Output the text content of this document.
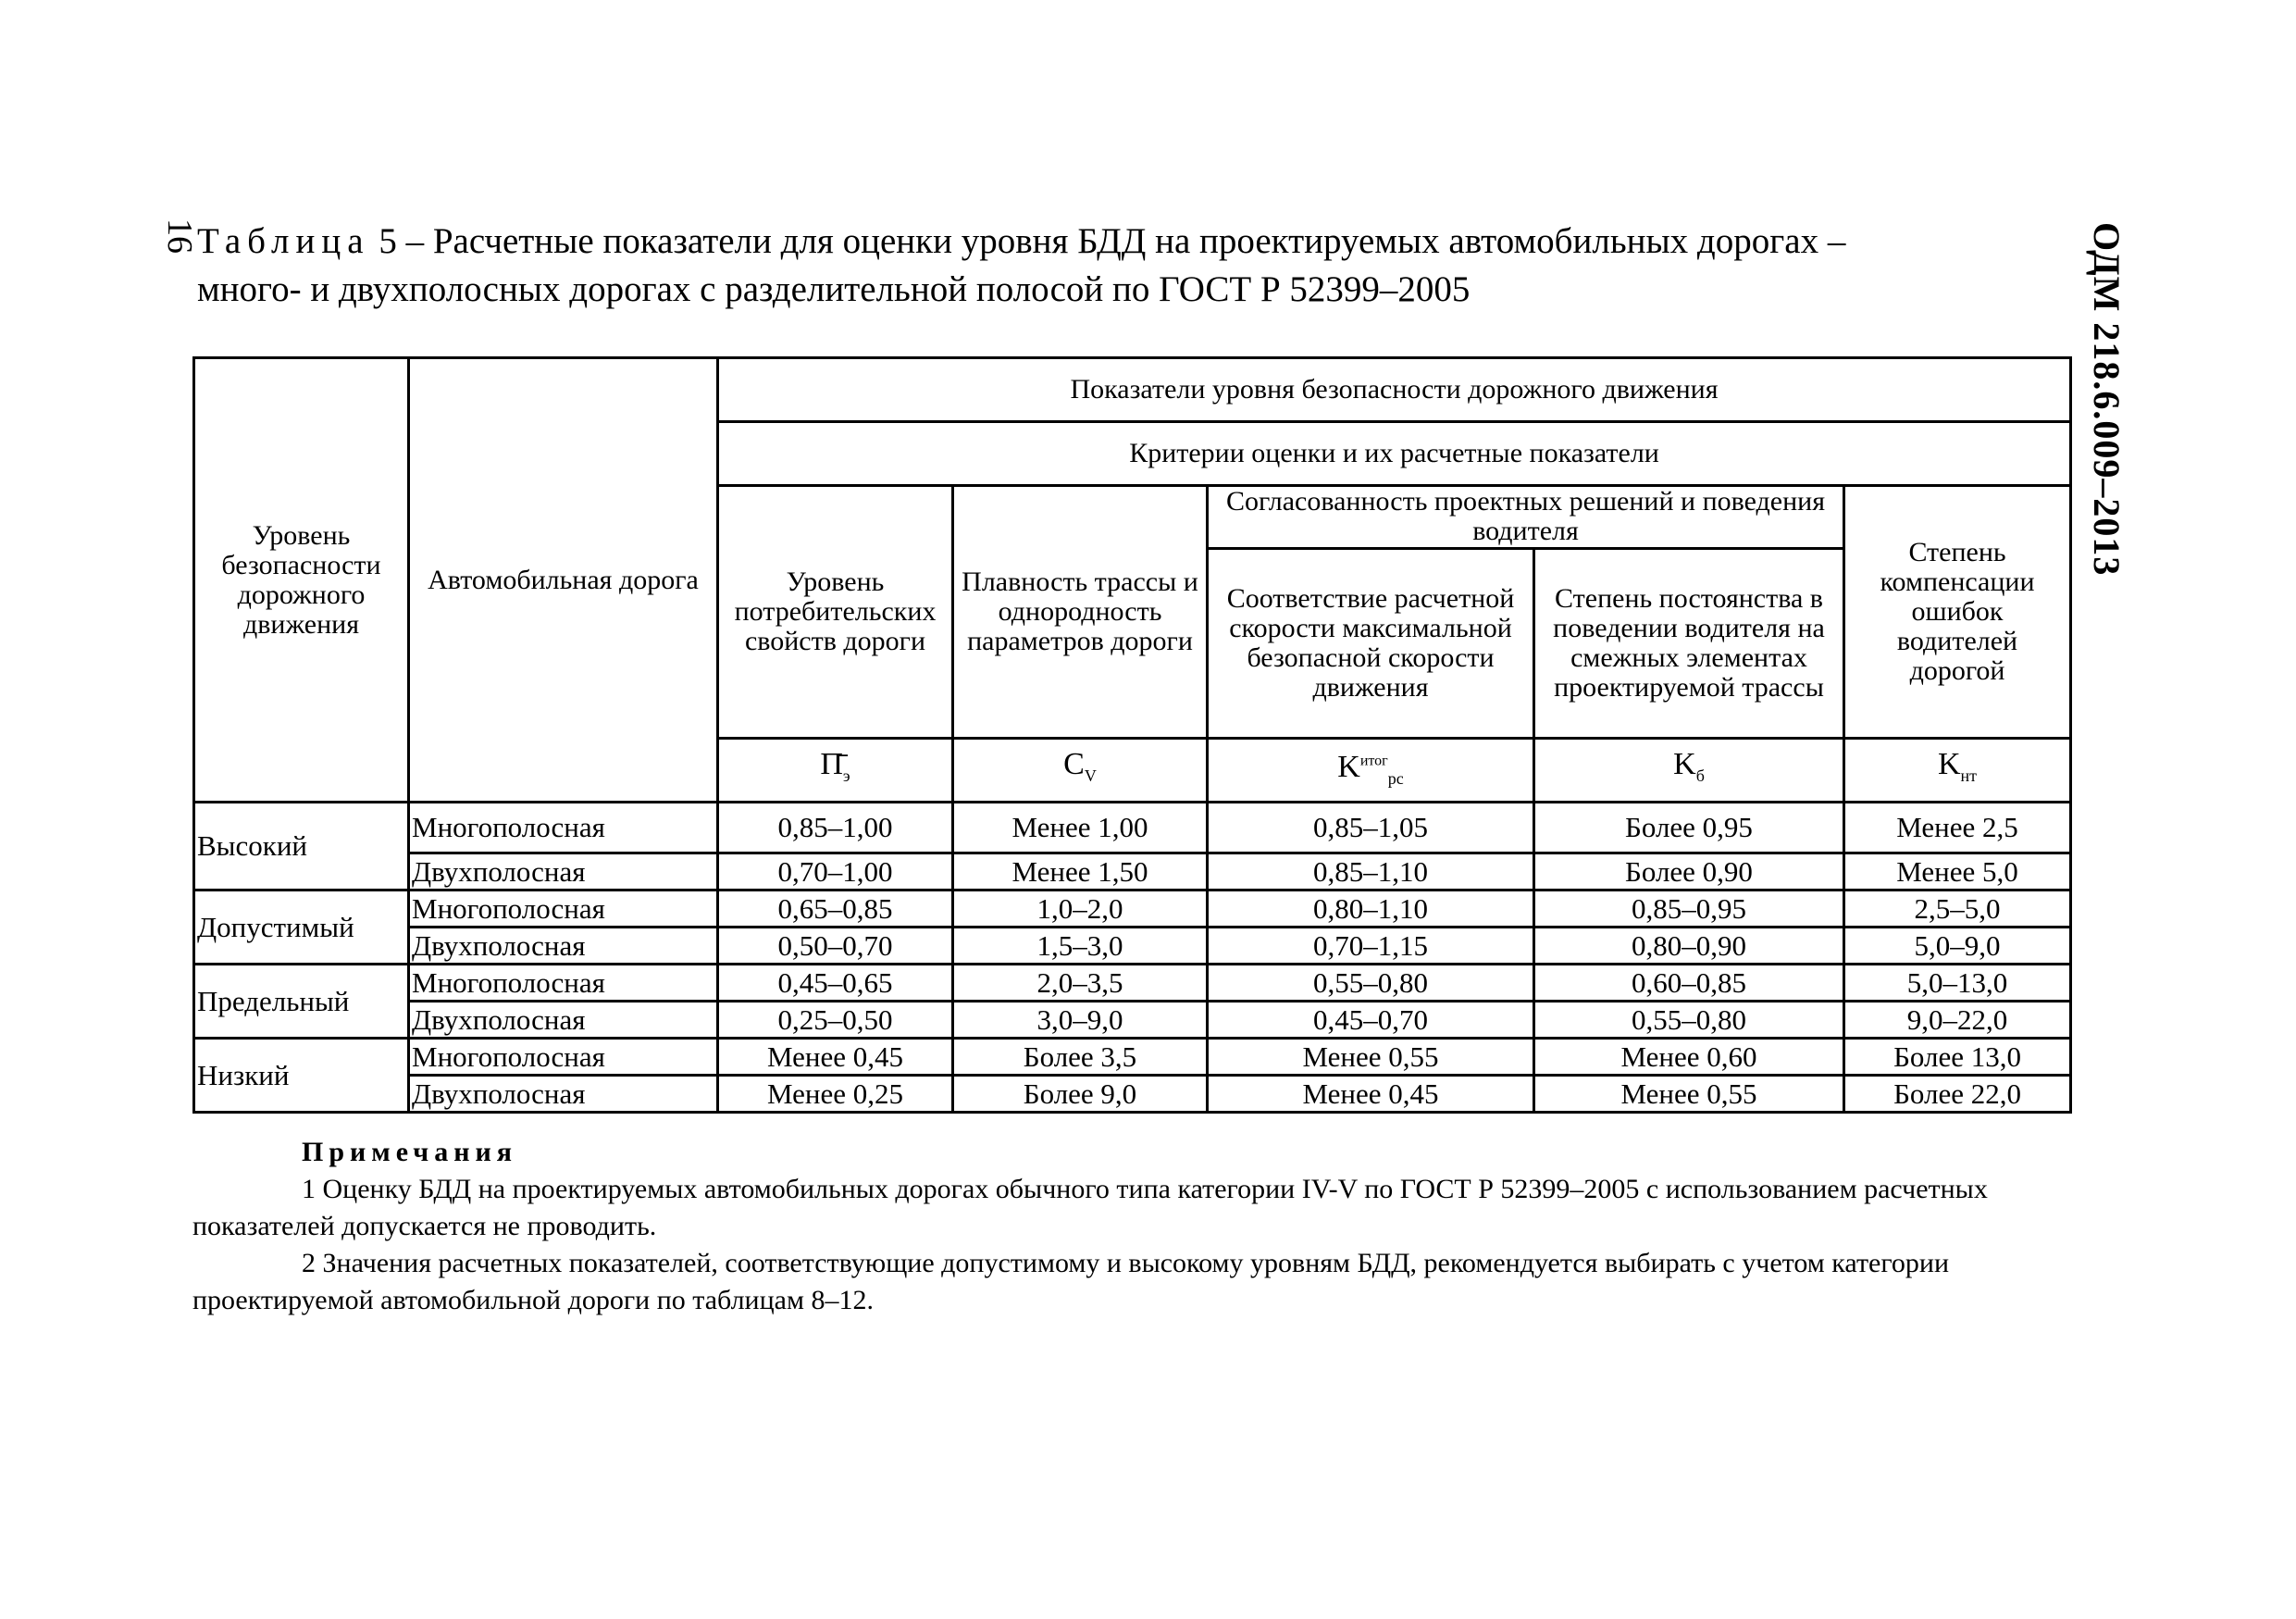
16	ОДМ 218.6.009–2013
Таблица 5 – Расчетные показатели для оценки уровня БДД на проектируемых автомобильных дорогах –
много- и двухполосных дорогах с разделительной полосой по ГОСТ Р 52399–2005
Уровень безопасности дорожного движения	Автомобильная дорога	Показатели уровня безопасности дорожного движения				
		Критерии оценки и их расчетные показатели				
		Уровень потребительских свойств дороги	Плавность трассы и однородность параметров дороги	Согласованность проектных решений и поведения водителя		Степень компенсации ошибок водителей дорогой
				Соответствие расчетной скорости максимальной безопасной скорости движения	Степень постоянства в поведении водителя на смежных элементах проектируемой трассы	
		$П̄_э$	$C_V$	$K^{итог}_{рс}$	$K_б$	$K_{нт}$
Высокий	Многополосная	0,85–1,00	Менее 1,00	0,85–1,05	Более 0,95	Менее 2,5
	Двухполосная	0,70–1,00	Менее 1,50	0,85–1,10	Более 0,90	Менее 5,0
Допустимый	Многополосная	0,65–0,85	1,0–2,0	0,80–1,10	0,85–0,95	2,5–5,0
	Двухполосная	0,50–0,70	1,5–3,0	0,70–1,15	0,80–0,90	5,0–9,0
Предельный	Многополосная	0,45–0,65	2,0–3,5	0,55–0,80	0,60–0,85	5,0–13,0
	Двухполосная	0,25–0,50	3,0–9,0	0,45–0,70	0,55–0,80	9,0–22,0
Низкий	Многополосная	Менее 0,45	Более 3,5	Менее 0,55	Менее 0,60	Более 13,0
	Двухполосная	Менее 0,25	Более 9,0	Менее 0,45	Менее 0,55	Более 22,0
Примечания

1 Оценку БДД на проектируемых автомобильных дорогах обычного типа категории IV-V по ГОСТ Р 52399–2005 с использованием расчетных показателей допускается не проводить.

2 Значения расчетных показателей, соответствующие допустимому и высокому уровням БДД, рекомендуется выбирать с учетом категории проектируемой автомобильной дороги по таблицам 8–12.
